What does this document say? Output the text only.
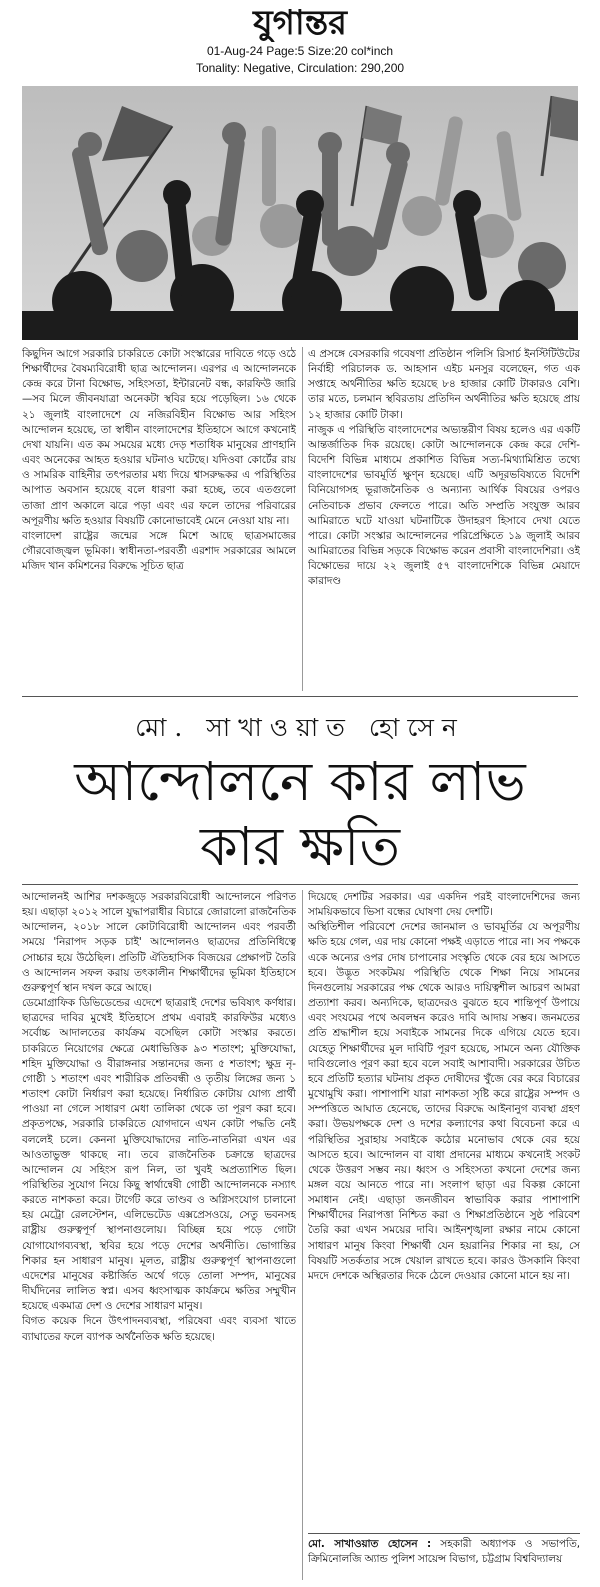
যুগান্তর
01-Aug-24 Page:5 Size:20 col*inch
Tonality: Negative, Circulation: 290,200

কিছুদিন আগে সরকারি চাকরিতে কোটা সংস্কারের দাবিতে গড়ে ওঠে শিক্ষার্থীদের বৈষম্যবিরোধী ছাত্র আন্দোলন। এরপর এ আন্দোলনকে কেন্দ্র করে টানা বিক্ষোভ, সহিংসতা, ইন্টারনেট বন্ধ, কারফিউ জারি—সব মিলে জীবনযাত্রা অনেকটা স্থবির হয়ে পড়েছিল। ১৬ থেকে ২১ জুলাই বাংলাদেশে যে নজিরবিহীন বিক্ষোভ আর সহিংস আন্দোলন হয়েছে, তা স্বাধীন বাংলাদেশের ইতিহাসে আগে কখনোই দেখা যায়নি। এত কম সময়ের মধ্যে দেড় শতাধিক মানুষের প্রাণহানি এবং অনেকের আহত হওয়ার ঘটনাও ঘটেছে। যদিওবা কোর্টের রায় ও সামরিক বাহিনীর তৎপরতার মধ্য দিয়ে শ্বাসরুদ্ধকর এ পরিস্থিতির আপাত অবসান হয়েছে বলে ধারণা করা হচ্ছে, তবে এতগুলো তাজা প্রাণ অকালে ঝরে পড়া এবং এর ফলে তাদের পরিবারের অপূরণীয় ক্ষতি হওয়ার বিষয়টি কোনোভাবেই মেনে নেওয়া যায় না।

বাংলাদেশ রাষ্ট্রের জন্মের সঙ্গে মিশে আছে ছাত্রসমাজের গৌরবোজ্জ্বল ভূমিকা। স্বাধীনতা-পরবর্তী এরশাদ সরকারের আমলে মজিদ খান কমিশনের বিরুদ্ধে সূচিত ছাত্র

এ প্রসঙ্গে বেসরকারি গবেষণা প্রতিষ্ঠান পলিসি রিসার্চ ইনস্টিটিউটের নির্বাহী পরিচালক ড. আহসান এইচ মনসুর বলেছেন, গত এক সপ্তাহে অর্থনীতির ক্ষতি হয়েছে ৮৪ হাজার কোটি টাকারও বেশি। তার মতে, চলমান স্থবিরতায় প্রতিদিন অর্থনীতির ক্ষতি হয়েছে প্রায় ১২ হাজার কোটি টাকা।

নাজুক এ পরিস্থিতি বাংলাদেশের অভ্যন্তরীণ বিষয় হলেও এর একটি আন্তর্জাতিক দিক রয়েছে। কোটা আন্দোলনকে কেন্দ্র করে দেশি-বিদেশি বিভিন্ন মাধ্যমে প্রকাশিত বিভিন্ন সত্য-মিথ্যামিশ্রিত তথ্যে বাংলাদেশের ভাবমূর্তি ক্ষুণ্ন হয়েছে। এটি অদূরভবিষ্যতে বিদেশি বিনিয়োগসহ ভূরাজনৈতিক ও অন্যান্য আর্থিক বিষয়ের ওপরও নেতিবাচক প্রভাব ফেলতে পারে। অতি সম্প্রতি সংযুক্ত আরব আমিরাতে ঘটে যাওয়া ঘটনাটিকে উদাহরণ হিসাবে দেখা যেতে পারে। কোটা সংস্কার আন্দোলনের পরিপ্রেক্ষিতে ১৯ জুলাই আরব আমিরাতের বিভিন্ন সড়কে বিক্ষোভ করেন প্রবাসী বাংলাদেশিরা। ওই বিক্ষোভের দায়ে ২২ জুলাই ৫৭ বাংলাদেশিকে বিভিন্ন মেয়াদে কারাদণ্ড

মো. সাখাওয়াত হোসেন
আন্দোলনে কার লাভ
কার ক্ষতি

আন্দোলনই আশির দশকজুড়ে সরকারবিরোধী আন্দোলনে পরিণত হয়। এছাড়া ২০১২ সালে যুদ্ধাপরাধীর বিচারে জোরালো রাজনৈতিক আন্দোলন, ২০১৮ সালে কোটাবিরোধী আন্দোলন এবং পরবর্তী সময়ে 'নিরাপদ সড়ক চাই' আন্দোলনও ছাত্রদের প্রতিনিধিত্বে সোচ্চার হয়ে উঠেছিল। প্রতিটি ঐতিহাসিক বিজয়ের প্রেক্ষাপট তৈরি ও আন্দোলন সফল করায় তৎকালীন শিক্ষার্থীদের ভূমিকা ইতিহাসে গুরুত্বপূর্ণ স্থান দখল করে আছে।

ডেমোগ্রাফিক ডিভিডেন্ডের এদেশে ছাত্ররাই দেশের ভবিষ্যৎ কর্ণধার। ছাত্রদের দাবির মুখেই ইতিহাসে প্রথম এবারই কারফিউর মধ্যেও সর্বোচ্চ আদালতের কার্যক্রম বসেছিল কোটা সংস্কার করতে। চাকরিতে নিয়োগের ক্ষেত্রে মেধাভিত্তিক ৯৩ শতাংশ; মুক্তিযোদ্ধা, শহিদ মুক্তিযোদ্ধা ও বীরাঙ্গনার সন্তানদের জন্য ৫ শতাংশ; ক্ষুদ্র নৃ-গোষ্ঠী ১ শতাংশ এবং শারীরিক প্রতিবন্ধী ও তৃতীয় লিঙ্গের জন্য ১ শতাংশ কোটা নির্ধারণ করা হয়েছে। নির্ধারিত কোটায় যোগ্য প্রার্থী পাওয়া না গেলে সাধারণ মেধা তালিকা থেকে তা পূরণ করা হবে। প্রকৃতপক্ষে, সরকারি চাকরিতে যোগদানে এখন কোটা পদ্ধতি নেই বললেই চলে। কেননা মুক্তিযোদ্ধাদের নাতি-নাতনিরা এখন এর আওতাভুক্ত থাকছে না। তবে রাজনৈতিক চক্রান্তে ছাত্রদের আন্দোলন যে সহিংস রূপ নিল, তা খুবই অপ্রত্যাশিত ছিল। পরিস্থিতির সুযোগ নিয়ে কিছু স্বার্থান্বেষী গোষ্ঠী আন্দোলনকে নস্যাৎ করতে নাশকতা করে। টার্গেট করে তাণ্ডব ও অগ্নিসংযোগ চালানো হয় মেট্রো রেলস্টেশন, এলিভেটেড এক্সপ্রেসওয়ে, সেতু ভবনসহ রাষ্ট্রীয় গুরুত্বপূর্ণ স্থাপনাগুলোয়। বিচ্ছিন্ন হয়ে পড়ে গোটা যোগাযোগব্যবস্থা, স্থবির হয়ে পড়ে দেশের অর্থনীতি। ভোগান্তির শিকার হন সাধারণ মানুষ। মূলত, রাষ্ট্রীয় গুরুত্বপূর্ণ স্থাপনাগুলো এদেশের মানুষের কষ্টার্জিত অর্থে গড়ে তোলা সম্পদ, মানুষের দীর্ঘদিনের লালিত স্বপ্ন। এসব ধ্বংসাত্মক কার্যক্রমে ক্ষতির সম্মুখীন হয়েছে একমাত্র দেশ ও দেশের সাধারণ মানুষ।

বিগত কয়েক দিনে উৎপাদনব্যবস্থা, পরিষেবা এবং ব্যবসা খাতে ব্যাঘাতের ফলে ব্যাপক অর্থনৈতিক ক্ষতি হয়েছে।

দিয়েছে দেশটির সরকার। এর একদিন পরই বাংলাদেশিদের জন্য সাময়িকভাবে ভিসা বন্ধের ঘোষণা দেয় দেশটি।

অস্থিতিশীল পরিবেশে দেশের জানমাল ও ভাবমূর্তির যে অপূরণীয় ক্ষতি হয়ে গেল, এর দায় কোনো পক্ষই এড়াতে পারে না। সব পক্ষকে একে অন্যের ওপর দোষ চাপানোর সংস্কৃতি থেকে বের হয়ে আসতে হবে। উদ্ভূত সংকটময় পরিস্থিতি থেকে শিক্ষা নিয়ে সামনের দিনগুলোয় সরকারের পক্ষ থেকে আরও দায়িত্বশীল আচরণ আমরা প্রত্যাশা করব। অন্যদিকে, ছাত্রদেরও বুঝতে হবে শান্তিপূর্ণ উপায়ে এবং সংযমের পথে অবলম্বন করেও দাবি আদায় সম্ভব। জনমতের প্রতি শ্রদ্ধাশীল হয়ে সবাইকে সামনের দিকে এগিয়ে যেতে হবে। যেহেতু শিক্ষার্থীদের মূল দাবিটি পূরণ হয়েছে, সামনে অন্য যৌক্তিক দাবিগুলোও পূরণ করা হবে বলে সবাই আশাবাদী। সরকারের উচিত হবে প্রতিটি হত্যার ঘটনায় প্রকৃত দোষীদের খুঁজে বের করে বিচারের মুখোমুখি করা। পাশাপাশি যারা নাশকতা সৃষ্টি করে রাষ্ট্রের সম্পদ ও সম্পত্তিতে আঘাত হেনেছে, তাদের বিরুদ্ধে আইনানুগ ব্যবস্থা গ্রহণ করা। উভয়পক্ষকে দেশ ও দশের কল্যাণের কথা বিবেচনা করে এ পরিস্থিতির সুরাহায় সবাইকে কঠোর মনোভাব থেকে বের হয়ে আসতে হবে। আন্দোলন বা বাধা প্রদানের মাধ্যমে কখনোই সংকট থেকে উত্তরণ সম্ভব নয়। ধ্বংস ও সহিংসতা কখনো দেশের জন্য মঙ্গল বয়ে আনতে পারে না। সংলাপ ছাড়া এর বিকল্প কোনো সমাধান নেই। এছাড়া জনজীবন স্বাভাবিক করার পাশাপাশি শিক্ষার্থীদের নিরাপত্তা নিশ্চিত করা ও শিক্ষাপ্রতিষ্ঠানে সুষ্ঠ পরিবেশ তৈরি করা এখন সময়ের দাবি। আইনশৃঙ্খলা রক্ষার নামে কোনো সাধারণ মানুষ কিংবা শিক্ষার্থী যেন হয়রানির শিকার না হয়, সে বিষয়টি সতর্কতার সঙ্গে খেয়াল রাখতে হবে। কারও উসকানি কিংবা মদদে দেশকে অস্থিরতার দিকে ঠেলে দেওয়ার কোনো মানে হয় না।

মো. সাখাওয়াত হোসেন : সহকারী অধ্যাপক ও সভাপতি, ক্রিমিনোলজি অ্যান্ড পুলিশ সায়েন্স বিভাগ, চট্টগ্রাম বিশ্ববিদ্যালয়
